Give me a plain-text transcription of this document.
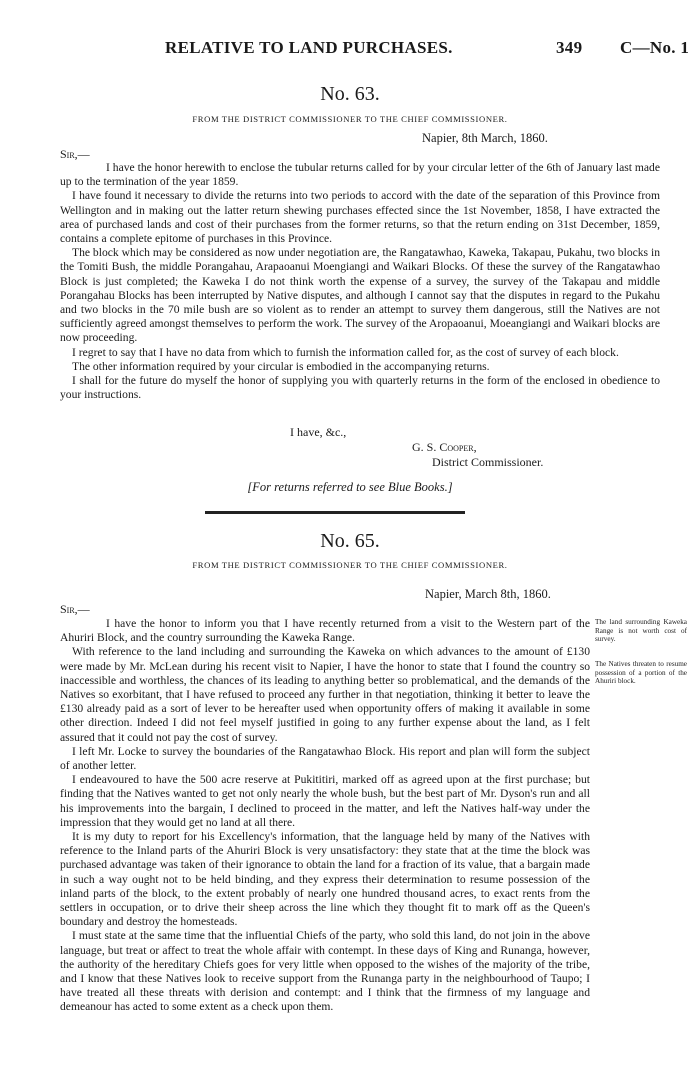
RELATIVE TO LAND PURCHASES.	349 C—No. 1
No. 63.
FROM THE DISTRICT COMMISSIONER TO THE CHIEF COMMISSIONER.
Napier, 8th March, 1860.
Sir,—

I have the honor herewith to enclose the tubular returns called for by your circular letter of the 6th of January last made up to the termination of the year 1859.

I have found it necessary to divide the returns into two periods to accord with the date of the separation of this Province from Wellington and in making out the latter return shewing purchases effected since the 1st November, 1858, I have extracted the area of purchased lands and cost of their purchases from the former returns, so that the return ending on 31st December, 1859, contains a complete epitome of purchases in this Province.

The block which may be considered as now under negotiation are, the Rangatawhao, Kaweka, Takapau, Pukahu, two blocks in the Tomiti Bush, the middle Porangahau, Arapaoanui Moengiangi and Waikari Blocks. Of these the survey of the Rangatawhao Block is just completed; the Kaweka I do not think worth the expense of a survey, the survey of the Takapau and middle Porangahau Blocks has been interrupted by Native disputes, and although I cannot say that the disputes in regard to the Pukahu and two blocks in the 70 mile bush are so violent as to render an attempt to survey them dangerous, still the Natives are not sufficiently agreed amongst themselves to perform the work. The survey of the Aropaoanui, Moeangiangi and Waikari blocks are now proceeding.

I regret to say that I have no data from which to furnish the information called for, as the cost of survey of each block.

The other information required by your circular is embodied in the accompanying returns.

I shall for the future do myself the honor of supplying you with quarterly returns in the form of the enclosed in obedience to your instructions.

I have, &c.,
G. S. Cooper,
District Commissioner.
[For returns referred to see Blue Books.]
No. 65.
FROM THE DISTRICT COMMISSIONER TO THE CHIEF COMMISSIONER.
Napier, March 8th, 1860.
Sir,—

I have the honor to inform you that I have recently returned from a visit to the Western part of the Ahuriri Block, and the country surrounding the Kaweka Range.

With reference to the land including and surrounding the Kaweka on which advances to the amount of £130 were made by Mr. McLean during his recent visit to Napier, I have the honor to state that I found the country so inaccessible and worthless, the chances of its leading to anything better so problematical, and the demands of the Natives so exorbitant, that I have refused to proceed any further in that negotiation, thinking it better to leave the £130 already paid as a sort of lever to be hereafter used when opportunity offers of making it available in some other direction. Indeed I did not feel myself justified in going to any further expense about the land, as I felt assured that it could not pay the cost of survey.

I left Mr. Locke to survey the boundaries of the Rangatawhao Block. His report and plan will form the subject of another letter.

I endeavoured to have the 500 acre reserve at Pukititiri, marked off as agreed upon at the first purchase; but finding that the Natives wanted to get not only nearly the whole bush, but the best part of Mr. Dyson's run and all his improvements into the bargain, I declined to proceed in the matter, and left the Natives half-way under the impression that they would get no land at all there.

It is my duty to report for his Excellency's information, that the language held by many of the Natives with reference to the Inland parts of the Ahuriri Block is very unsatisfactory: they state that at the time the block was purchased advantage was taken of their ignorance to obtain the land for a fraction of its value, that a bargain made in such a way ought not to be held binding, and they express their determination to resume possession of the inland parts of the block, to the extent probably of nearly one hundred thousand acres, to exact rents from the settlers in occupation, or to drive their sheep across the line which they thought fit to mark off as the Queen's boundary and destroy the homesteads.

I must state at the same time that the influential Chiefs of the party, who sold this land, do not join in the above language, but treat or affect to treat the whole affair with contempt. In these days of King and Runanga, however, the authority of the hereditary Chiefs goes for very little when opposed to the wishes of the majority of the tribe, and I know that these Natives look to receive support from the Runanga party in the neighbourhood of Taupo; I have treated all these threats with derision and contempt: and I think that the firmness of my language and demeanour has acted to some extent as a check upon them.

The land surrounding Kaweka Range is not worth cost of survey.
The Natives threaten to resume possession of a portion of the Ahuriri block.
